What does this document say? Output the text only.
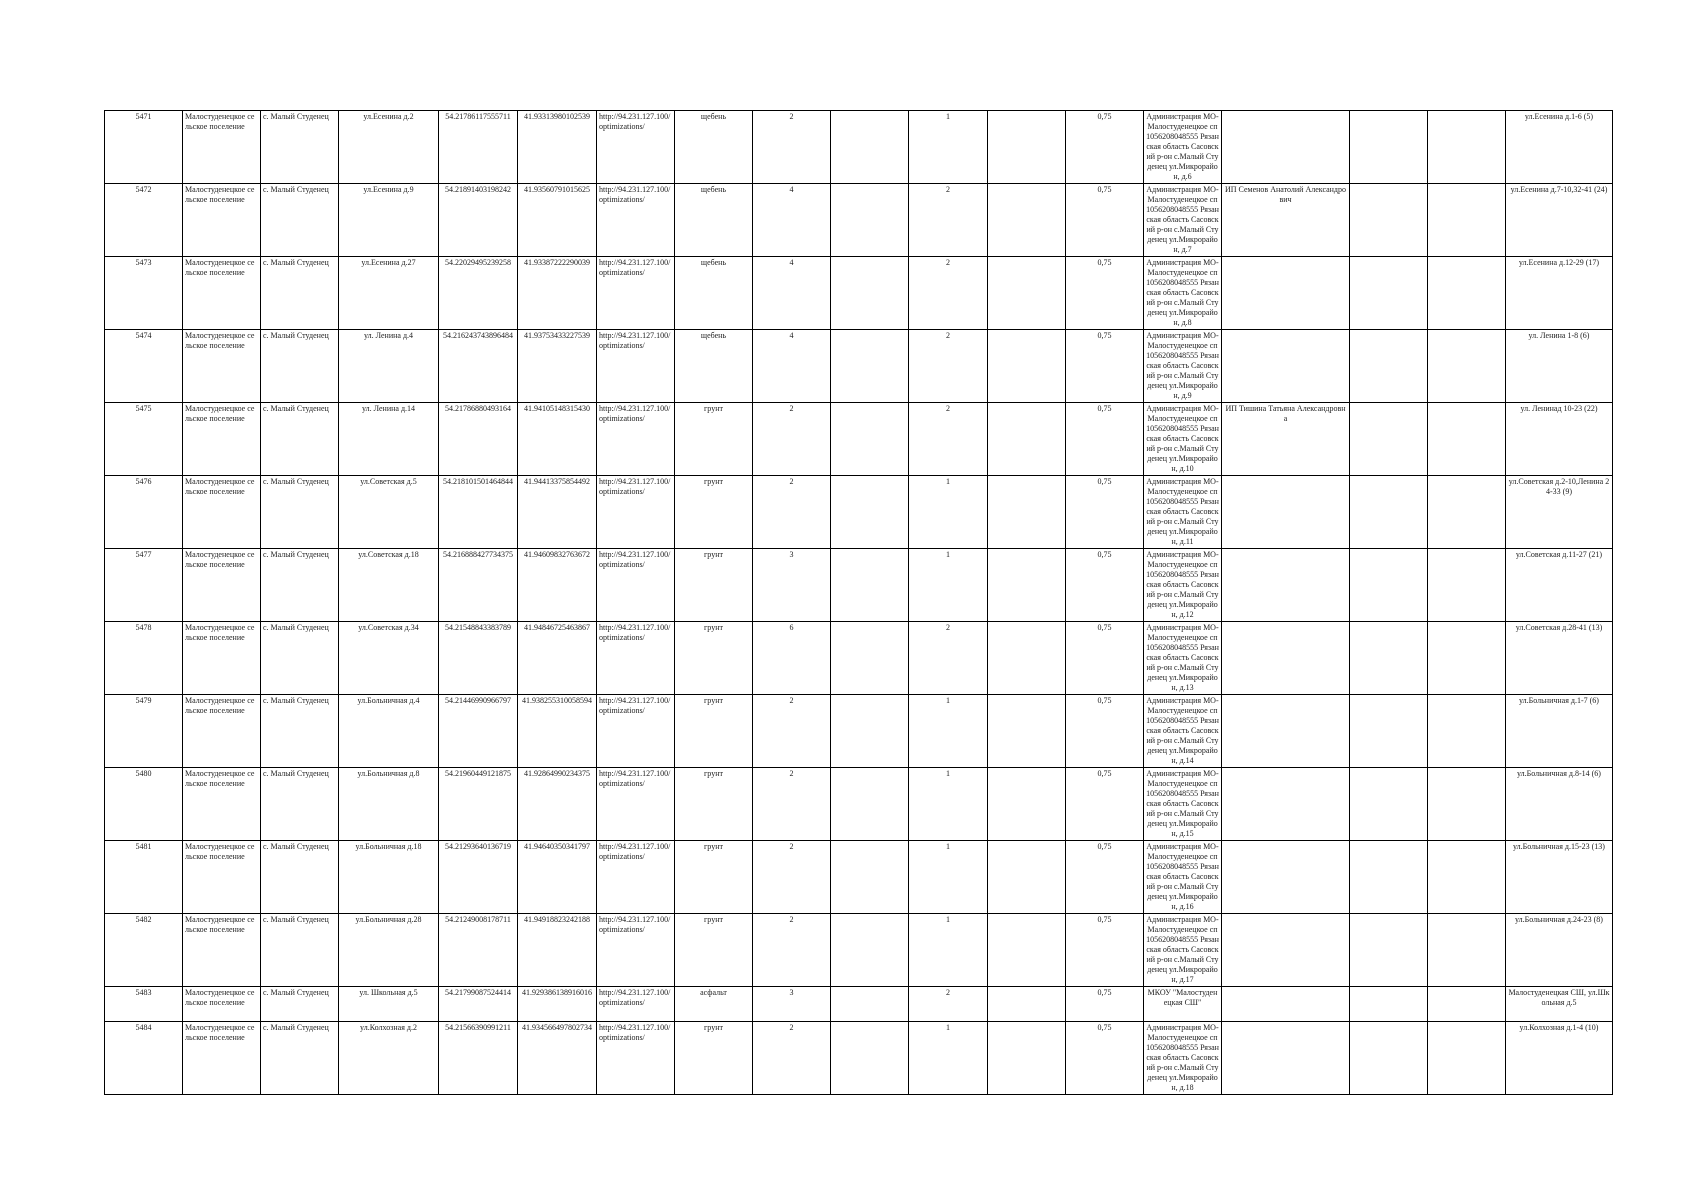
5471	Малостуденецкое сельское поселение	с. Малый Студенец	ул.Есенина д.2	54.21786117555711	41.93313980102539	http://94.231.127.100/optimizations/	щебень	2		1		0,75	Администрация МО-Малостуденецкое сп 1056208048555 Рязанская область Сасовский р-он с.Малый Студенец ул.Микрорайон, д.6				ул.Есенина д.1-6 (5)
5472	Малостуденецкое сельское поселение	с. Малый Студенец	ул.Есенина д.9	54.21891403198242	41.93560791015625	http://94.231.127.100/optimizations/	щебень	4		2		0,75	Администрация МО-Малостуденецкое сп 1056208048555 Рязанская область Сасовский р-он с.Малый Студенец ул.Микрорайон, д.7	ИП Семенов Анатолий Александрович			ул.Есенина д.7-10,32-41 (24)
5473	Малостуденецкое сельское поселение	с. Малый Студенец	ул.Есенина д.27	54.22029495239258	41.93387222290039	http://94.231.127.100/optimizations/	щебень	4		2		0,75	Администрация МО-Малостуденецкое сп 1056208048555 Рязанская область Сасовский р-он с.Малый Студенец ул.Микрорайон, д.8				ул.Есенина д.12-29 (17)
5474	Малостуденецкое сельское поселение	с. Малый Студенец	ул. Ленина д.4	54.216243743896484	41.93753433227539	http://94.231.127.100/optimizations/	щебень	4		2		0,75	Администрация МО-Малостуденецкое сп 1056208048555 Рязанская область Сасовский р-он с.Малый Студенец ул.Микрорайон, д.9				ул. Ленина 1-8 (6)
5475	Малостуденецкое сельское поселение	с. Малый Студенец	ул. Ленина д.14	54.21786880493164	41.94105148315430	http://94.231.127.100/optimizations/	грунт	2		2		0,75	Администрация МО-Малостуденецкое сп 1056208048555 Рязанская область Сасовский р-он с.Малый Студенец ул.Микрорайон, д.10	ИП Тишина Татьяна Александровна			ул. Ленинад 10-23 (22)
5476	Малостуденецкое сельское поселение	с. Малый Студенец	ул.Советская д.5	54.218101501464844	41.94413375854492	http://94.231.127.100/optimizations/	грунт	2		1		0,75	Администрация МО-Малостуденецкое сп 1056208048555 Рязанская область Сасовский р-он с.Малый Студенец ул.Микрорайон, д.11				ул.Советская д.2-10,Ленина 24-33 (9)
5477	Малостуденецкое сельское поселение	с. Малый Студенец	ул.Советская д.18	54.216888427734375	41.94609832763672	http://94.231.127.100/optimizations/	грунт	3		1		0,75	Администрация МО-Малостуденецкое сп 1056208048555 Рязанская область Сасовский р-он с.Малый Студенец ул.Микрорайон, д.12				ул.Советская д.11-27 (21)
5478	Малостуденецкое сельское поселение	с. Малый Студенец	ул.Советская д.34	54.21548843383789	41.94846725463867	http://94.231.127.100/optimizations/	грунт	6		2		0,75	Администрация МО-Малостуденецкое сп 1056208048555 Рязанская область Сасовский р-он с.Малый Студенец ул.Микрорайон, д.13				ул.Советская д.28-41 (13)
5479	Малостуденецкое сельское поселение	с. Малый Студенец	ул.Больничная д.4	54.21446990966797	41.938255310058594	http://94.231.127.100/optimizations/	грунт	2		1		0,75	Администрация МО-Малостуденецкое сп 1056208048555 Рязанская область Сасовский р-он с.Малый Студенец ул.Микрорайон, д.14				ул.Больничная д.1-7 (6)
5480	Малостуденецкое сельское поселение	с. Малый Студенец	ул.Больничная д.8	54.21960449121875	41.92864990234375	http://94.231.127.100/optimizations/	грунт	2		1		0,75	Администрация МО-Малостуденецкое сп 1056208048555 Рязанская область Сасовский р-он с.Малый Студенец ул.Микрорайон, д.15				ул.Больничная д.8-14 (6)
5481	Малостуденецкое сельское поселение	с. Малый Студенец	ул.Больничная д.18	54.21293640136719	41.94640350341797	http://94.231.127.100/optimizations/	грунт	2		1		0,75	Администрация МО-Малостуденецкое сп 1056208048555 Рязанская область Сасовский р-он с.Малый Студенец ул.Микрорайон, д.16				ул.Больничная д.15-23 (13)
5482	Малостуденецкое сельское поселение	с. Малый Студенец	ул.Больничная д.28	54.21249008178711	41.94918823242188	http://94.231.127.100/optimizations/	грунт	2		1		0,75	Администрация МО-Малостуденецкое сп 1056208048555 Рязанская область Сасовский р-он с.Малый Студенец ул.Микрорайон, д.17				ул.Больничная д.24-23 (8)
5483	Малостуденецкое сельское поселение	с. Малый Студенец	ул. Школьная д.5	54.21799087524414	41.929386138916016	http://94.231.127.100/optimizations/	асфальт	3		2		0,75	МКОУ "Малостуденецкая СШ"				Малостуденецкая СШ, ул.Школьная д.5
5484	Малостуденецкое сельское поселение	с. Малый Студенец	ул.Колхозная д.2	54.21566390991211	41.934566497802734	http://94.231.127.100/optimizations/	грунт	2		1		0,75	Администрация МО-Малостуденецкое сп 1056208048555 Рязанская область Сасовский р-он с.Малый Студенец ул.Микрорайон, д.18				ул.Колхозная д.1-4 (10)
